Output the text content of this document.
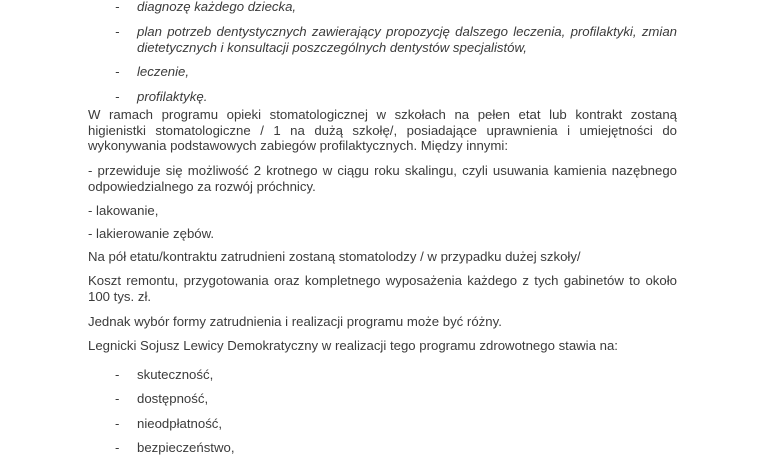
- diagnozę każdego dziecka,
- plan potrzeb dentystycznych zawierający propozycję dalszego leczenia, profilaktyki, zmian dietetycznych i konsultacji poszczególnych dentystów specjalistów,
- leczenie,
- profilaktykę.
W ramach programu opieki stomatologicznej w szkołach na pełen etat lub kontrakt zostaną higienistki stomatologiczne / 1 na dużą szkołę/, posiadające uprawnienia i umiejętności do wykonywania podstawowych zabiegów profilaktycznych. Między innymi:
- przewiduje się możliwość 2 krotnego w ciągu roku skalingu, czyli usuwania kamienia nazębnego odpowiedzialnego za rozwój próchnicy.
- lakowanie,
- lakierowanie zębów.
Na pół etatu/kontraktu zatrudnieni zostaną stomatolodzy / w przypadku dużej szkoły/
Koszt remontu, przygotowania oraz kompletnego wyposażenia każdego z tych gabinetów to około 100 tys. zł.
Jednak wybór formy zatrudnienia i realizacji programu może być różny.
Legnicki Sojusz Lewicy Demokratyczny w realizacji tego programu zdrowotnego stawia na:
- skuteczność,
- dostępność,
- nieodpłatność,
- bezpieczeństwo,
